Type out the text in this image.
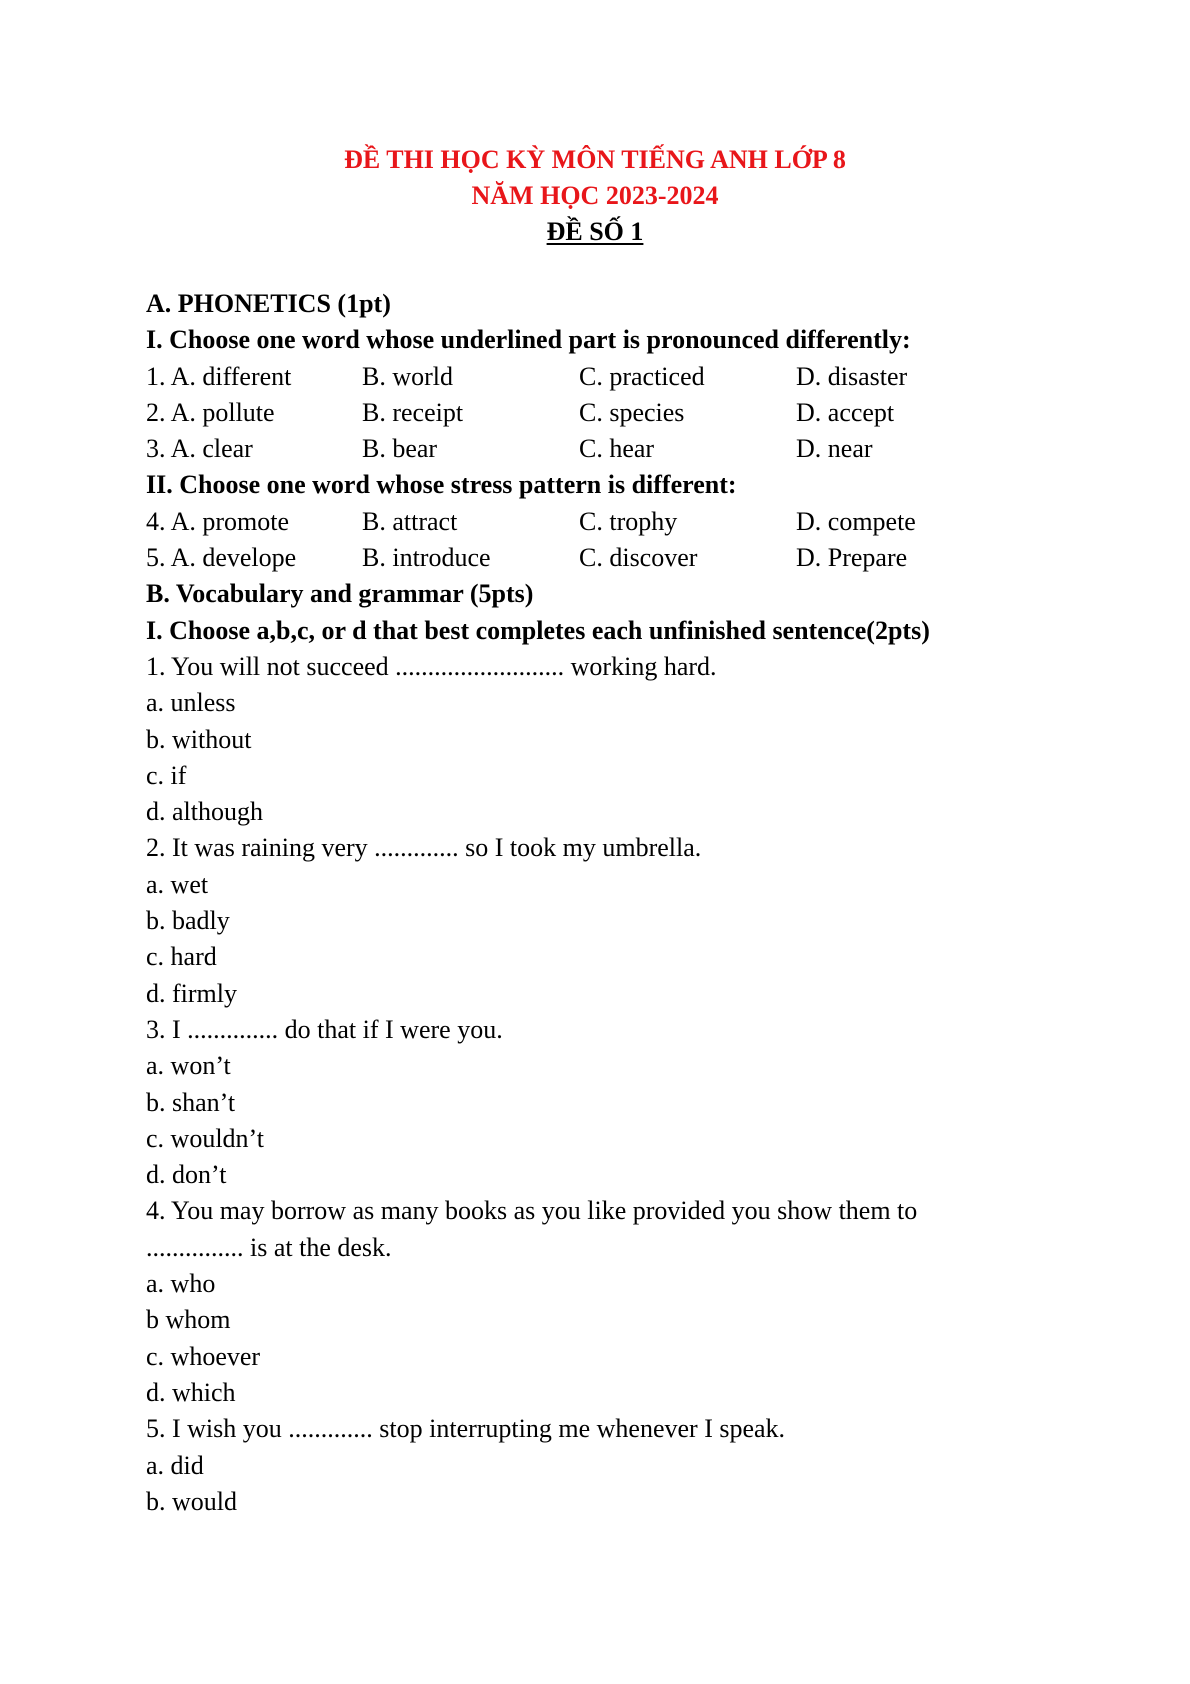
ĐỀ THI HỌC KỲ MÔN TIẾNG ANH LỚP 8
NĂM HỌC 2023-2024
ĐỀ SỐ 1
A. PHONETICS (1pt)
I. Choose one word whose underlined part is pronounced differently:
1. A. different	B. world	C. practiced	D. disaster
2. A. pollute	B. receipt	C. species	D. accept
3. A. clear	B. bear	C. hear	D. near
II. Choose one word whose stress pattern is different:
4. A. promote	B. attract	C. trophy	D. compete
5. A. develope	B. introduce	C. discover	D. Prepare
B. Vocabulary and grammar (5pts)
I. Choose a,b,c, or d that best completes each unfinished sentence(2pts)
1. You will not succeed .......................... working hard.
a. unless
b. without
c. if
d. although
2. It was raining very ............. so I took my umbrella.
a. wet
b. badly
c. hard
d. firmly
3. I .............. do that if I were you.
a. won’t
b. shan’t
c. wouldn’t
d. don’t
4. You may borrow as many books as you like provided you show them to
............... is at the desk.
a. who
b whom
c. whoever
d. which
5. I wish you ............. stop interrupting me whenever I speak.
a. did
b. would
